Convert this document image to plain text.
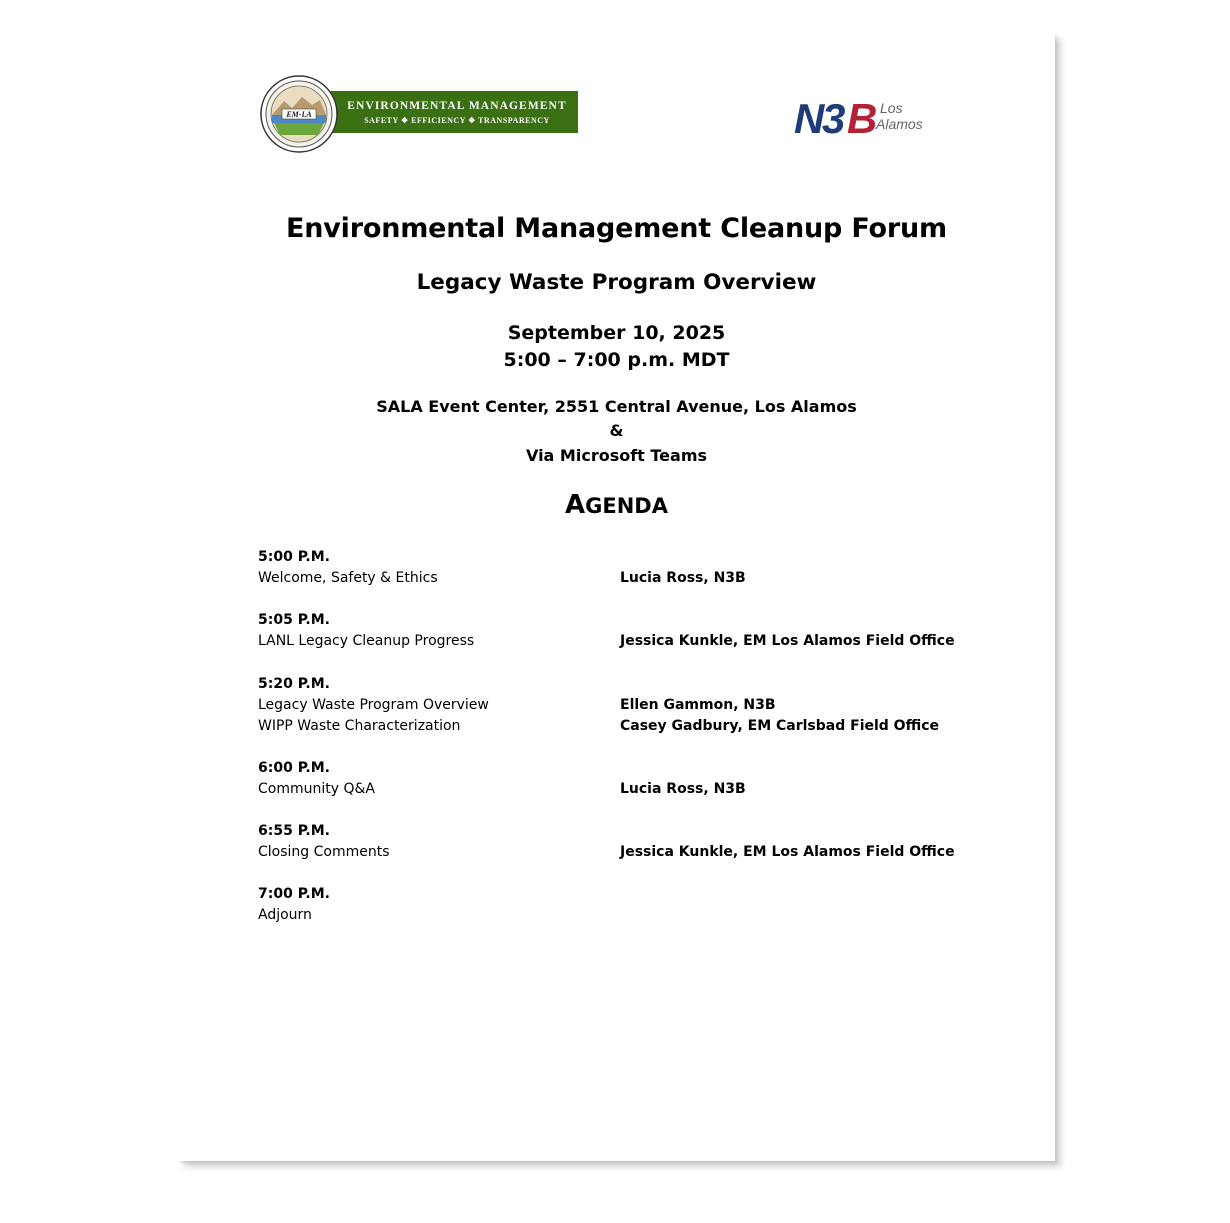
EM-LA
ENVIRONMENTAL MANAGEMENT
SAFETY ❖ EFFICIENCY ❖ TRANSPARENCY	N 3 B Los
Alamos
Environmental Management Cleanup Forum
Legacy Waste Program Overview
September 10, 2025
5:00 – 7:00 p.m. MDT
SALA Event Center, 2551 Central Avenue, Los Alamos
&
Via Microsoft Teams
AGENDA
5:00 P.M.
Welcome, Safety & Ethics	Lucia Ross, N3B
5:05 P.M.
LANL Legacy Cleanup Progress	Jessica Kunkle, EM Los Alamos Field Office
5:20 P.M.
Legacy Waste Program Overview	Ellen Gammon, N3B
WIPP Waste Characterization	Casey Gadbury, EM Carlsbad Field Office
6:00 P.M.
Community Q&A	Lucia Ross, N3B
6:55 P.M.
Closing Comments	Jessica Kunkle, EM Los Alamos Field Office
7:00 P.M.
Adjourn
